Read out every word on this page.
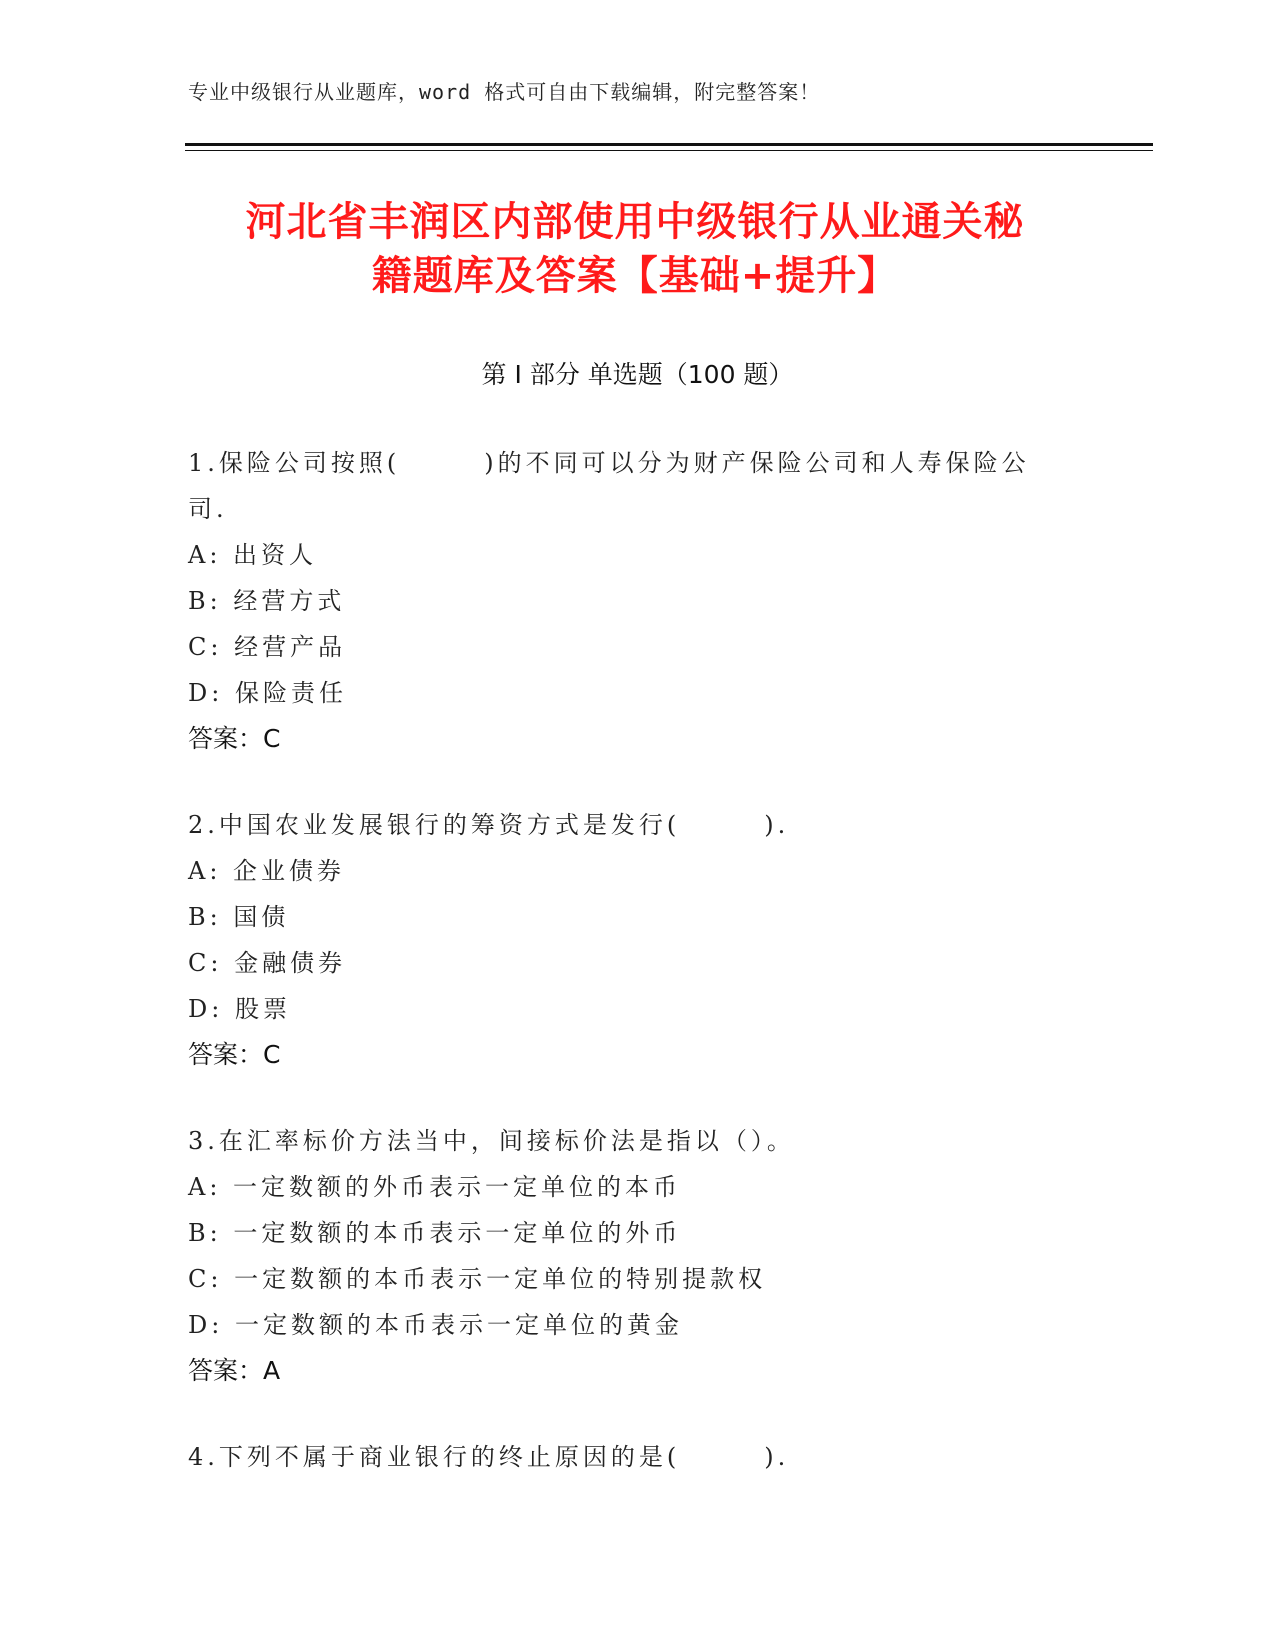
专业中级银行从业题库，word 格式可自由下载编辑，附完整答案！
河北省丰润区内部使用中级银行从业通关秘
籍题库及答案【基础+提升】
第 I 部分 单选题（100 题）
1.保险公司按照(　　　)的不同可以分为财产保险公司和人寿保险公司.
A: 出资人
B: 经营方式
C: 经营产品
D: 保险责任
答案：C
2.中国农业发展银行的筹资方式是发行(　　　).
A: 企业债券
B: 国债
C: 金融债券
D: 股票
答案：C
3.在汇率标价方法当中，间接标价法是指以（）。
A: 一定数额的外币表示一定单位的本币
B: 一定数额的本币表示一定单位的外币
C: 一定数额的本币表示一定单位的特别提款权
D: 一定数额的本币表示一定单位的黄金
答案：A
4.下列不属于商业银行的终止原因的是(　　　).
